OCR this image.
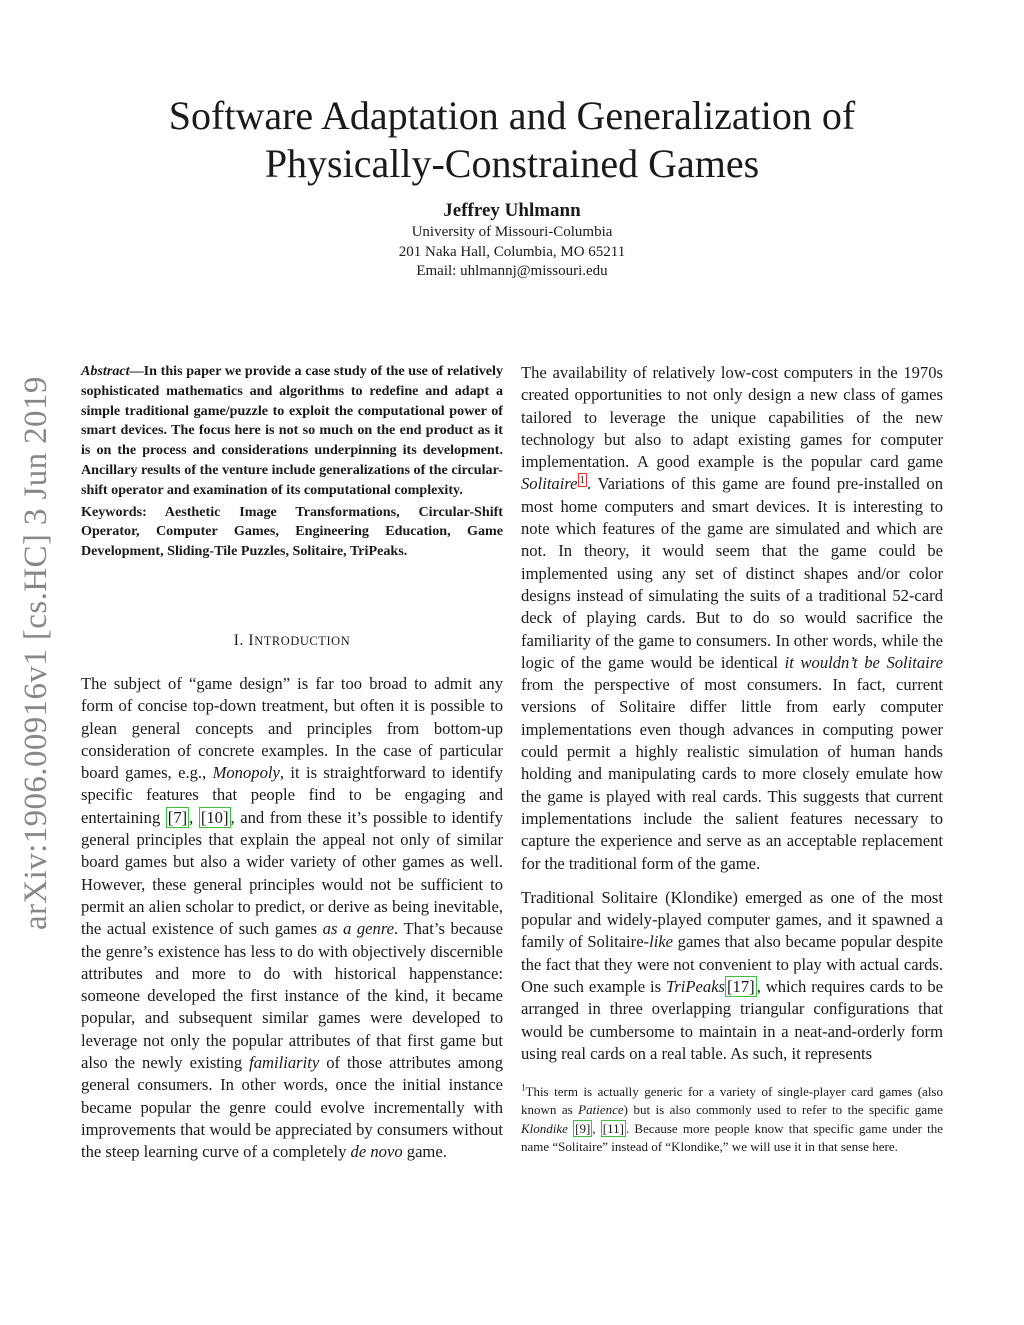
Software Adaptation and Generalization of
Physically-Constrained Games
Jeffrey Uhlmann
University of Missouri-Columbia
201 Naka Hall, Columbia, MO 65211
Email: uhlmannj@missouri.edu
arXiv:1906.00916v1 [cs.HC] 3 Jun 2019
Abstract—In this paper we provide a case study of the use of relatively sophisticated mathematics and algorithms to redefine and adapt a simple traditional game/puzzle to exploit the computational power of smart devices. The focus here is not so much on the end product as it is on the process and considerations underpinning its development. Ancillary results of the venture include generalizations of the circular-shift operator and examination of its computational complexity.
Keywords: Aesthetic Image Transformations, Circular-Shift Operator, Computer Games, Engineering Education, Game Development, Sliding-Tile Puzzles, Solitaire, TriPeaks.
I. INTRODUCTION

The subject of “game design” is far too broad to admit any form of concise top-down treatment, but often it is possible to glean general concepts and principles from bottom-up consideration of concrete examples. In the case of particular board games, e.g., Monopoly, it is straightforward to identify specific features that people find to be engaging and entertaining [7] , [10] , and from these it’s possible to identify general principles that explain the appeal not only of similar board games but also a wider variety of other games as well. However, these general principles would not be sufficient to permit an alien scholar to predict, or derive as being inevitable, the actual existence of such games as a genre. That’s because the genre’s existence has less to do with objectively discernible attributes and more to do with historical happenstance: someone developed the first instance of the kind, it became popular, and subsequent similar games were developed to leverage not only the popular attributes of that first game but also the newly existing familiarity of those attributes among general consumers. In other words, once the initial instance became popular the genre could evolve incrementally with improvements that would be appreciated by consumers without the steep learning curve of a completely de novo game.

The availability of relatively low-cost computers in the 1970s created opportunities to not only design a new class of games tailored to leverage the unique capabilities of the new technology but also to adapt existing games for computer implementation. A good example is the popular card game Solitaire $^1$ . Variations of this game are found pre-installed on most home computers and smart devices. It is interesting to note which features of the game are simulated and which are not. In theory, it would seem that the game could be implemented using any set of distinct shapes and/or color designs instead of simulating the suits of a traditional 52-card deck of playing cards. But to do so would sacrifice the familiarity of the game to consumers. In other words, while the logic of the game would be identical it wouldn’t be Solitaire from the perspective of most consumers. In fact, current versions of Solitaire differ little from early computer implementations even though advances in computing power could permit a highly realistic simulation of human hands holding and manipulating cards to more closely emulate how the game is played with real cards. This suggests that current implementations include the salient features necessary to capture the experience and serve as an acceptable replacement for the traditional form of the game.

Traditional Solitaire (Klondike) emerged as one of the most popular and widely-played computer games, and it spawned a family of Solitaire-like games that also became popular despite the fact that they were not convenient to play with actual cards. One such example is TriPeaks [17] , which requires cards to be arranged in three overlapping triangular configurations that would be cumbersome to maintain in a neat-and-orderly form using real cards on a real table. As such, it represents

$^1$This term is actually generic for a variety of single-player card games (also known as Patience) but is also commonly used to refer to the specific game Klondike [9] , [11] . Because more people know that specific game under the name “Solitaire” instead of “Klondike,” we will use it in that sense here.
